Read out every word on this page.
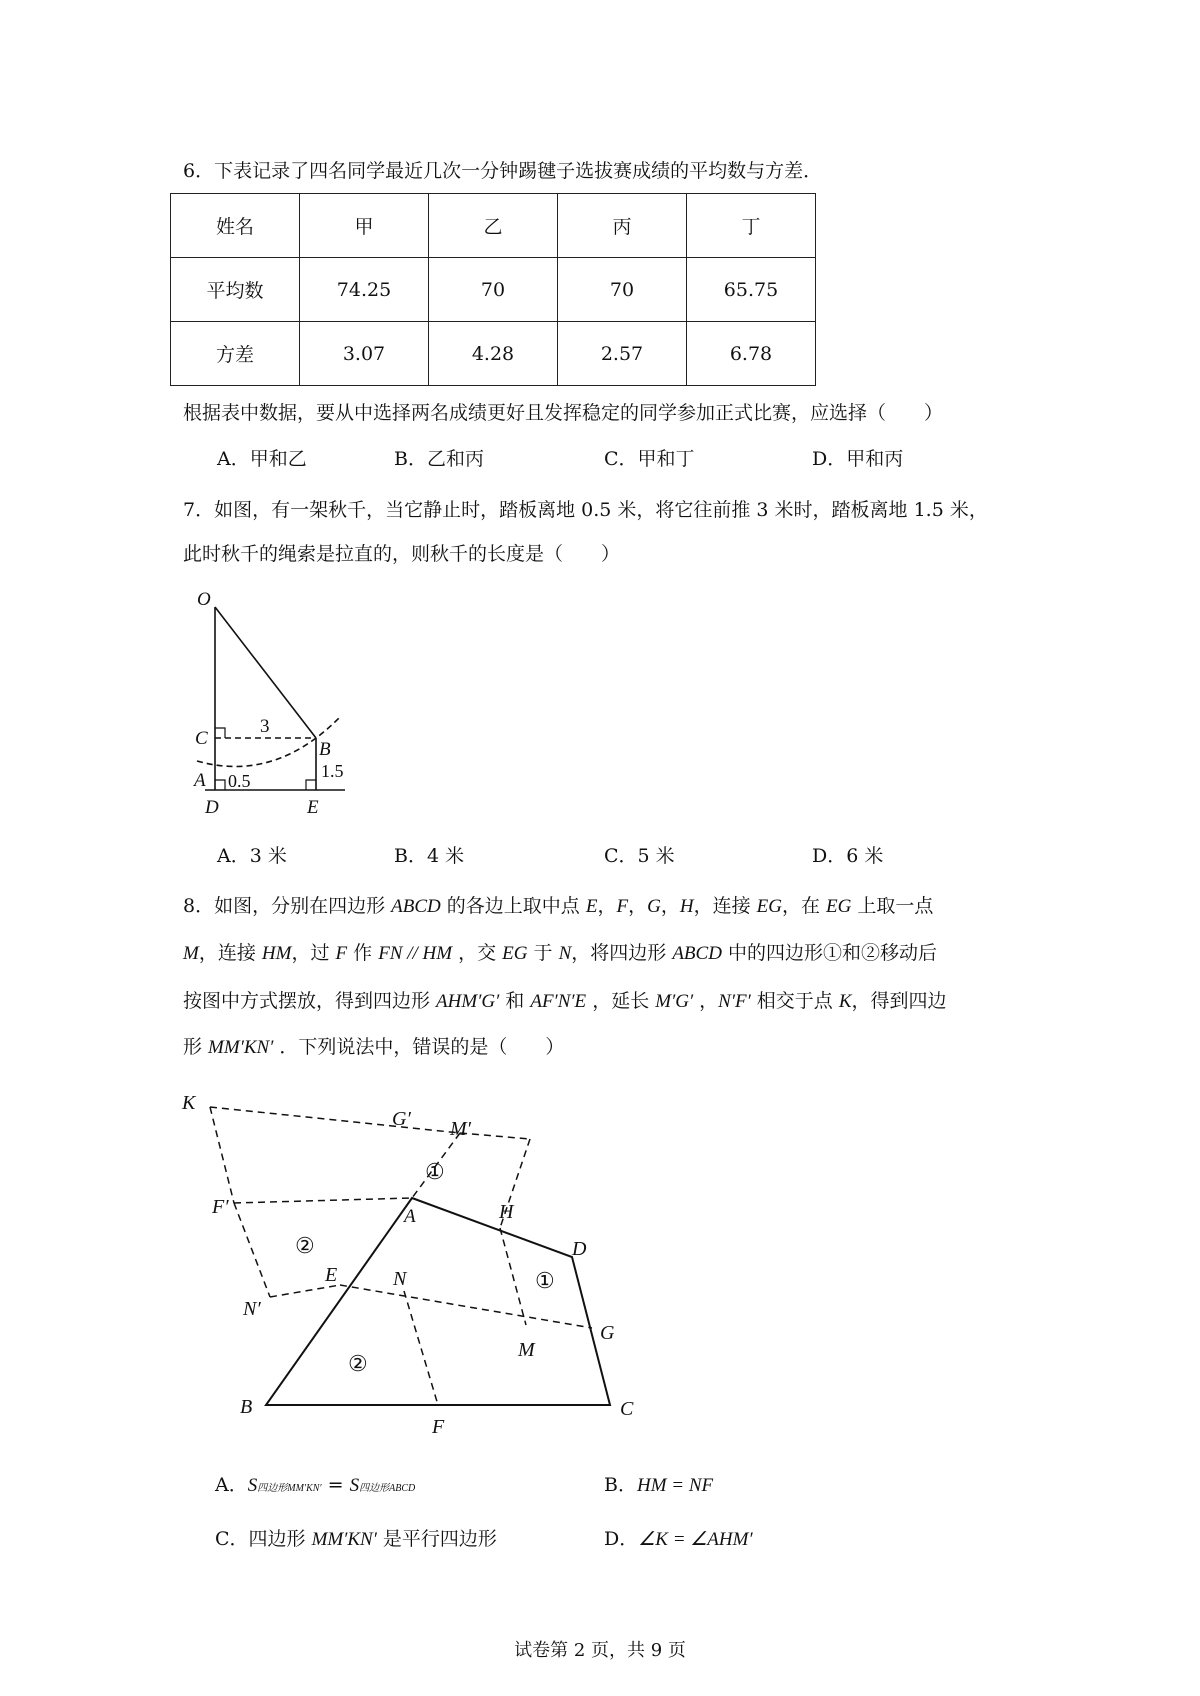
6．下表记录了四名同学最近几次一分钟踢毽子选拔赛成绩的平均数与方差．
姓名	甲	乙	丙	丁
平均数	74.25	70	70	65.75
方差	3.07	4.28	2.57	6.78
根据表中数据，要从中选择两名成绩更好且发挥稳定的同学参加正式比赛，应选择（　　）
A．甲和乙	B．乙和丙	C．甲和丁	D．甲和丙
7．如图，有一架秋千，当它静止时，踏板离地 0.5 米，将它往前推 3 米时，踏板离地 1.5 米，
此时秋千的绳索是拉直的，则秋千的长度是（　　）
O
C
3
B
1.5
A 0.5
D	E
A．3 米	B．4 米	C．5 米	D．6 米
8．如图，分别在四边形 ABCD 的各边上取中点 E，F，G，H，连接 EG，在 EG 上取一点
M，连接 HM，过 F 作 FN // HM ，交 EG 于 N，将四边形 ABCD 中的四边形①和②移动后
按图中方式摆放，得到四边形 AHM′G′ 和 AF′N′E ，延长 M′G′ ，N′F′ 相交于点 K，得到四边
形 MM′KN′ ．下列说法中，错误的是（　　）
K
G′ M′
①
F′	A	H
②	D
①
E	N
N′
M
G
②
B
F
C
A．S四边形MM′KN′ = S四边形ABCD	B．HM = NF
C．四边形 MM′KN′ 是平行四边形	D．∠K = ∠AHM′
试卷第 2 页，共 9 页
